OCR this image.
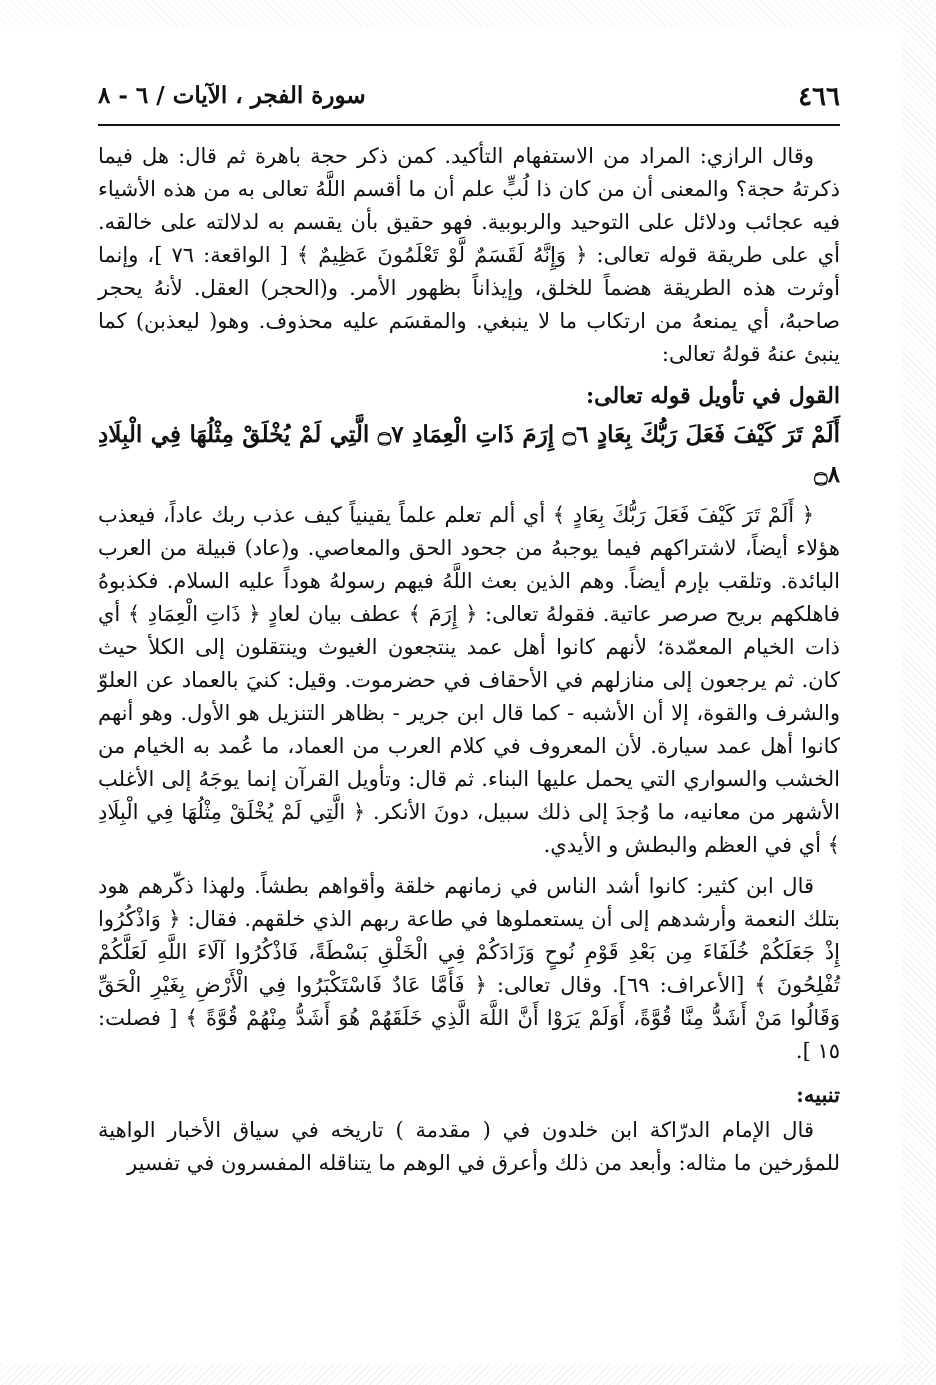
٤٦٦
سورة الفجر ، الآيات / ٦ - ٨

وقال الرازي: المراد من الاستفهام التأكيد. كمن ذكر حجة باهرة ثم قال: هل فيما ذكرتهُ حجة؟ والمعنى أن من كان ذا لُبٍّ علم أن ما أقسم اللَّهُ تعالى به من هذه الأشياء فيه عجائب ودلائل على التوحيد والربوبية. فهو حقيق بأن يقسم به لدلالته على خالقه. أي على طريقة قوله تعالى: ﴿ وَإِنَّهُ لَقَسَمٌ لَّوْ تَعْلَمُونَ عَظِيمٌ ﴾ [ الواقعة: ٧٦ ]، وإنما أوثرت هذه الطريقة هضماً للخلق، وإيذاناً بظهور الأمر. و(الحجر) العقل. لأنهُ يحجر صاحبهُ، أي يمنعهُ من ارتكاب ما لا ينبغي. والمقسَم عليه محذوف. وهو( ليعذبن) كما ينبئ عنهُ قولهُ تعالى:

القول في تأويل قوله تعالى:
أَلَمْ تَرَ كَيْفَ فَعَلَ رَبُّكَ بِعَادٍ ۝٦ إِرَمَ ذَاتِ الْعِمَادِ ۝٧ الَّتِي لَمْ يُخْلَقْ مِثْلُهَا فِي الْبِلَادِ ۝٨

﴿ أَلَمْ تَرَ كَيْفَ فَعَلَ رَبُّكَ بِعَادٍ ﴾ أي ألم تعلم علماً يقينياً كيف عذب ربك عاداً، فيعذب هؤلاء أيضاً، لاشتراكهم فيما يوجبهُ من جحود الحق والمعاصي. و(عاد) قبيلة من العرب البائدة. وتلقب بإرم أيضاً. وهم الذين بعث اللَّهُ فيهم رسولهُ هوداً عليه السلام. فكذبوهُ فاهلكهم بريح صرصر عاتية. فقولهُ تعالى: ﴿ إِرَمَ ﴾ عطف بيان لعادٍ ﴿ ذَاتِ الْعِمَادِ ﴾ أي ذات الخيام المعمّدة؛ لأنهم كانوا أهل عمد ينتجعون الغيوث وينتقلون إلى الكلأ حيث كان. ثم يرجعون إلى منازلهم في الأحقاف في حضرموت. وقيل: كنيَ بالعماد عن العلوّ والشرف والقوة، إلا أن الأشبه - كما قال ابن جرير - بظاهر التنزيل هو الأول. وهو أنهم كانوا أهل عمد سيارة. لأن المعروف في كلام العرب من العماد، ما عُمد به الخيام من الخشب والسواري التي يحمل عليها البناء. ثم قال: وتأويل القرآن إنما يوجَهُ إلى الأغلب الأشهر من معانيه، ما وُجدَ إلى ذلك سبيل، دونَ الأنكر. ﴿ الَّتِي لَمْ يُخْلَقْ مِثْلُهَا فِي الْبِلَادِ ﴾ أي في العظم والبطش و الأيدي.

قال ابن كثير: كانوا أشد الناس في زمانهم خلقة وأقواهم بطشاً. ولهذا ذكّرهم هود بتلك النعمة وأرشدهم إلى أن يستعملوها في طاعة ربهم الذي خلقهم. فقال: ﴿ وَاذْكُرُوا إِذْ جَعَلَكُمْ خُلَفَاءَ مِن بَعْدِ قَوْمِ نُوحٍ وَزَادَكُمْ فِي الْخَلْقِ بَسْطَةً، فَاذْكُرُوا آلَاءَ اللَّهِ لَعَلَّكُمْ تُفْلِحُونَ ﴾ [الأعراف: ٦٩]. وقال تعالى: ﴿ فَأَمَّا عَادٌ فَاسْتَكْبَرُوا فِي الْأَرْضِ بِغَيْرِ الْحَقِّ وَقَالُوا مَنْ أَشَدُّ مِنَّا قُوَّةً، أَوَلَمْ يَرَوْا أَنَّ اللَّهَ الَّذِي خَلَقَهُمْ هُوَ أَشَدُّ مِنْهُمْ قُوَّةً ﴾ [ فصلت: ١٥ ].

تنبيه:

قال الإمام الدرّاكة ابن خلدون في ( مقدمة ) تاريخه في سياق الأخبار الواهية للمؤرخين ما مثاله: وأبعد من ذلك وأعرق في الوهم ما يتناقله المفسرون في تفسير
